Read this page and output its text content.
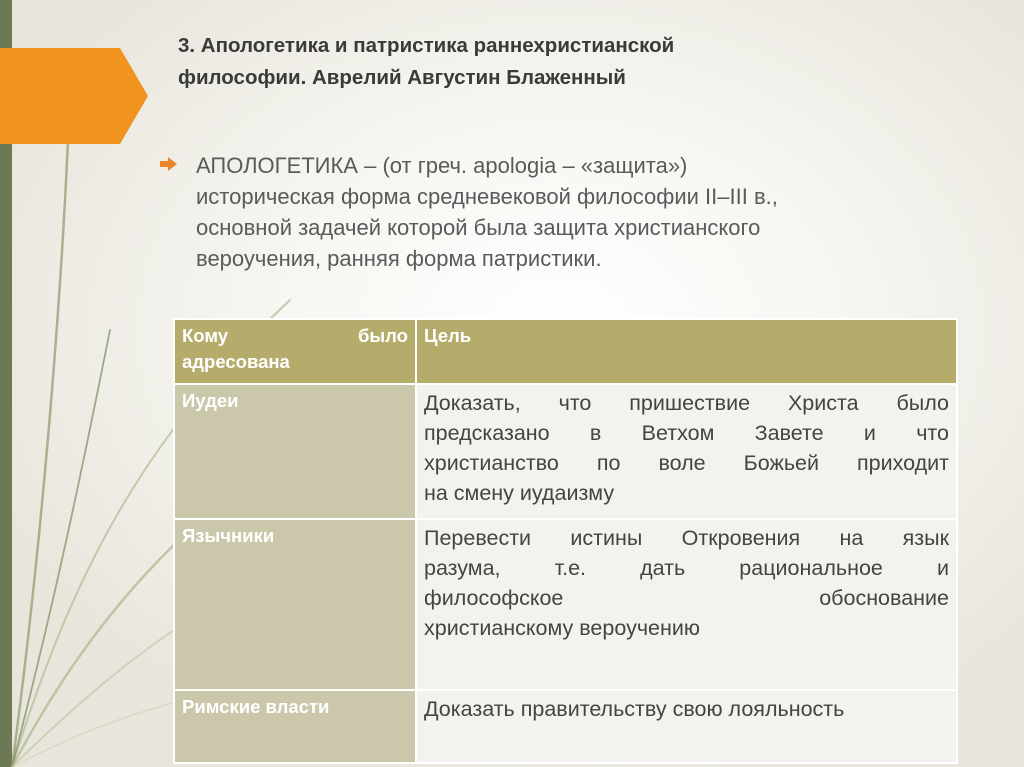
3. Апологетика и патристика раннехристианской
философии. Аврелий Августин Блаженный
АПОЛОГЕТИКА – (от греч. apologia – «защита»)
историческая форма средневековой философии II–III в.,
основной задачей которой была защита христианского
вероучения, ранняя форма патристики.
Кому было
адресована	Цель
Иудеи	Доказать, что пришествие Христа было
предсказано в Ветхом Завете и что
христианство по воле Божьей приходит
на смену иудаизму

Язычники	Перевести истины Откровения на язык
разума, т.е. дать рациональное и
философское обоснование
христианскому вероучению

Римские власти	Доказать правительству свою лояльность
